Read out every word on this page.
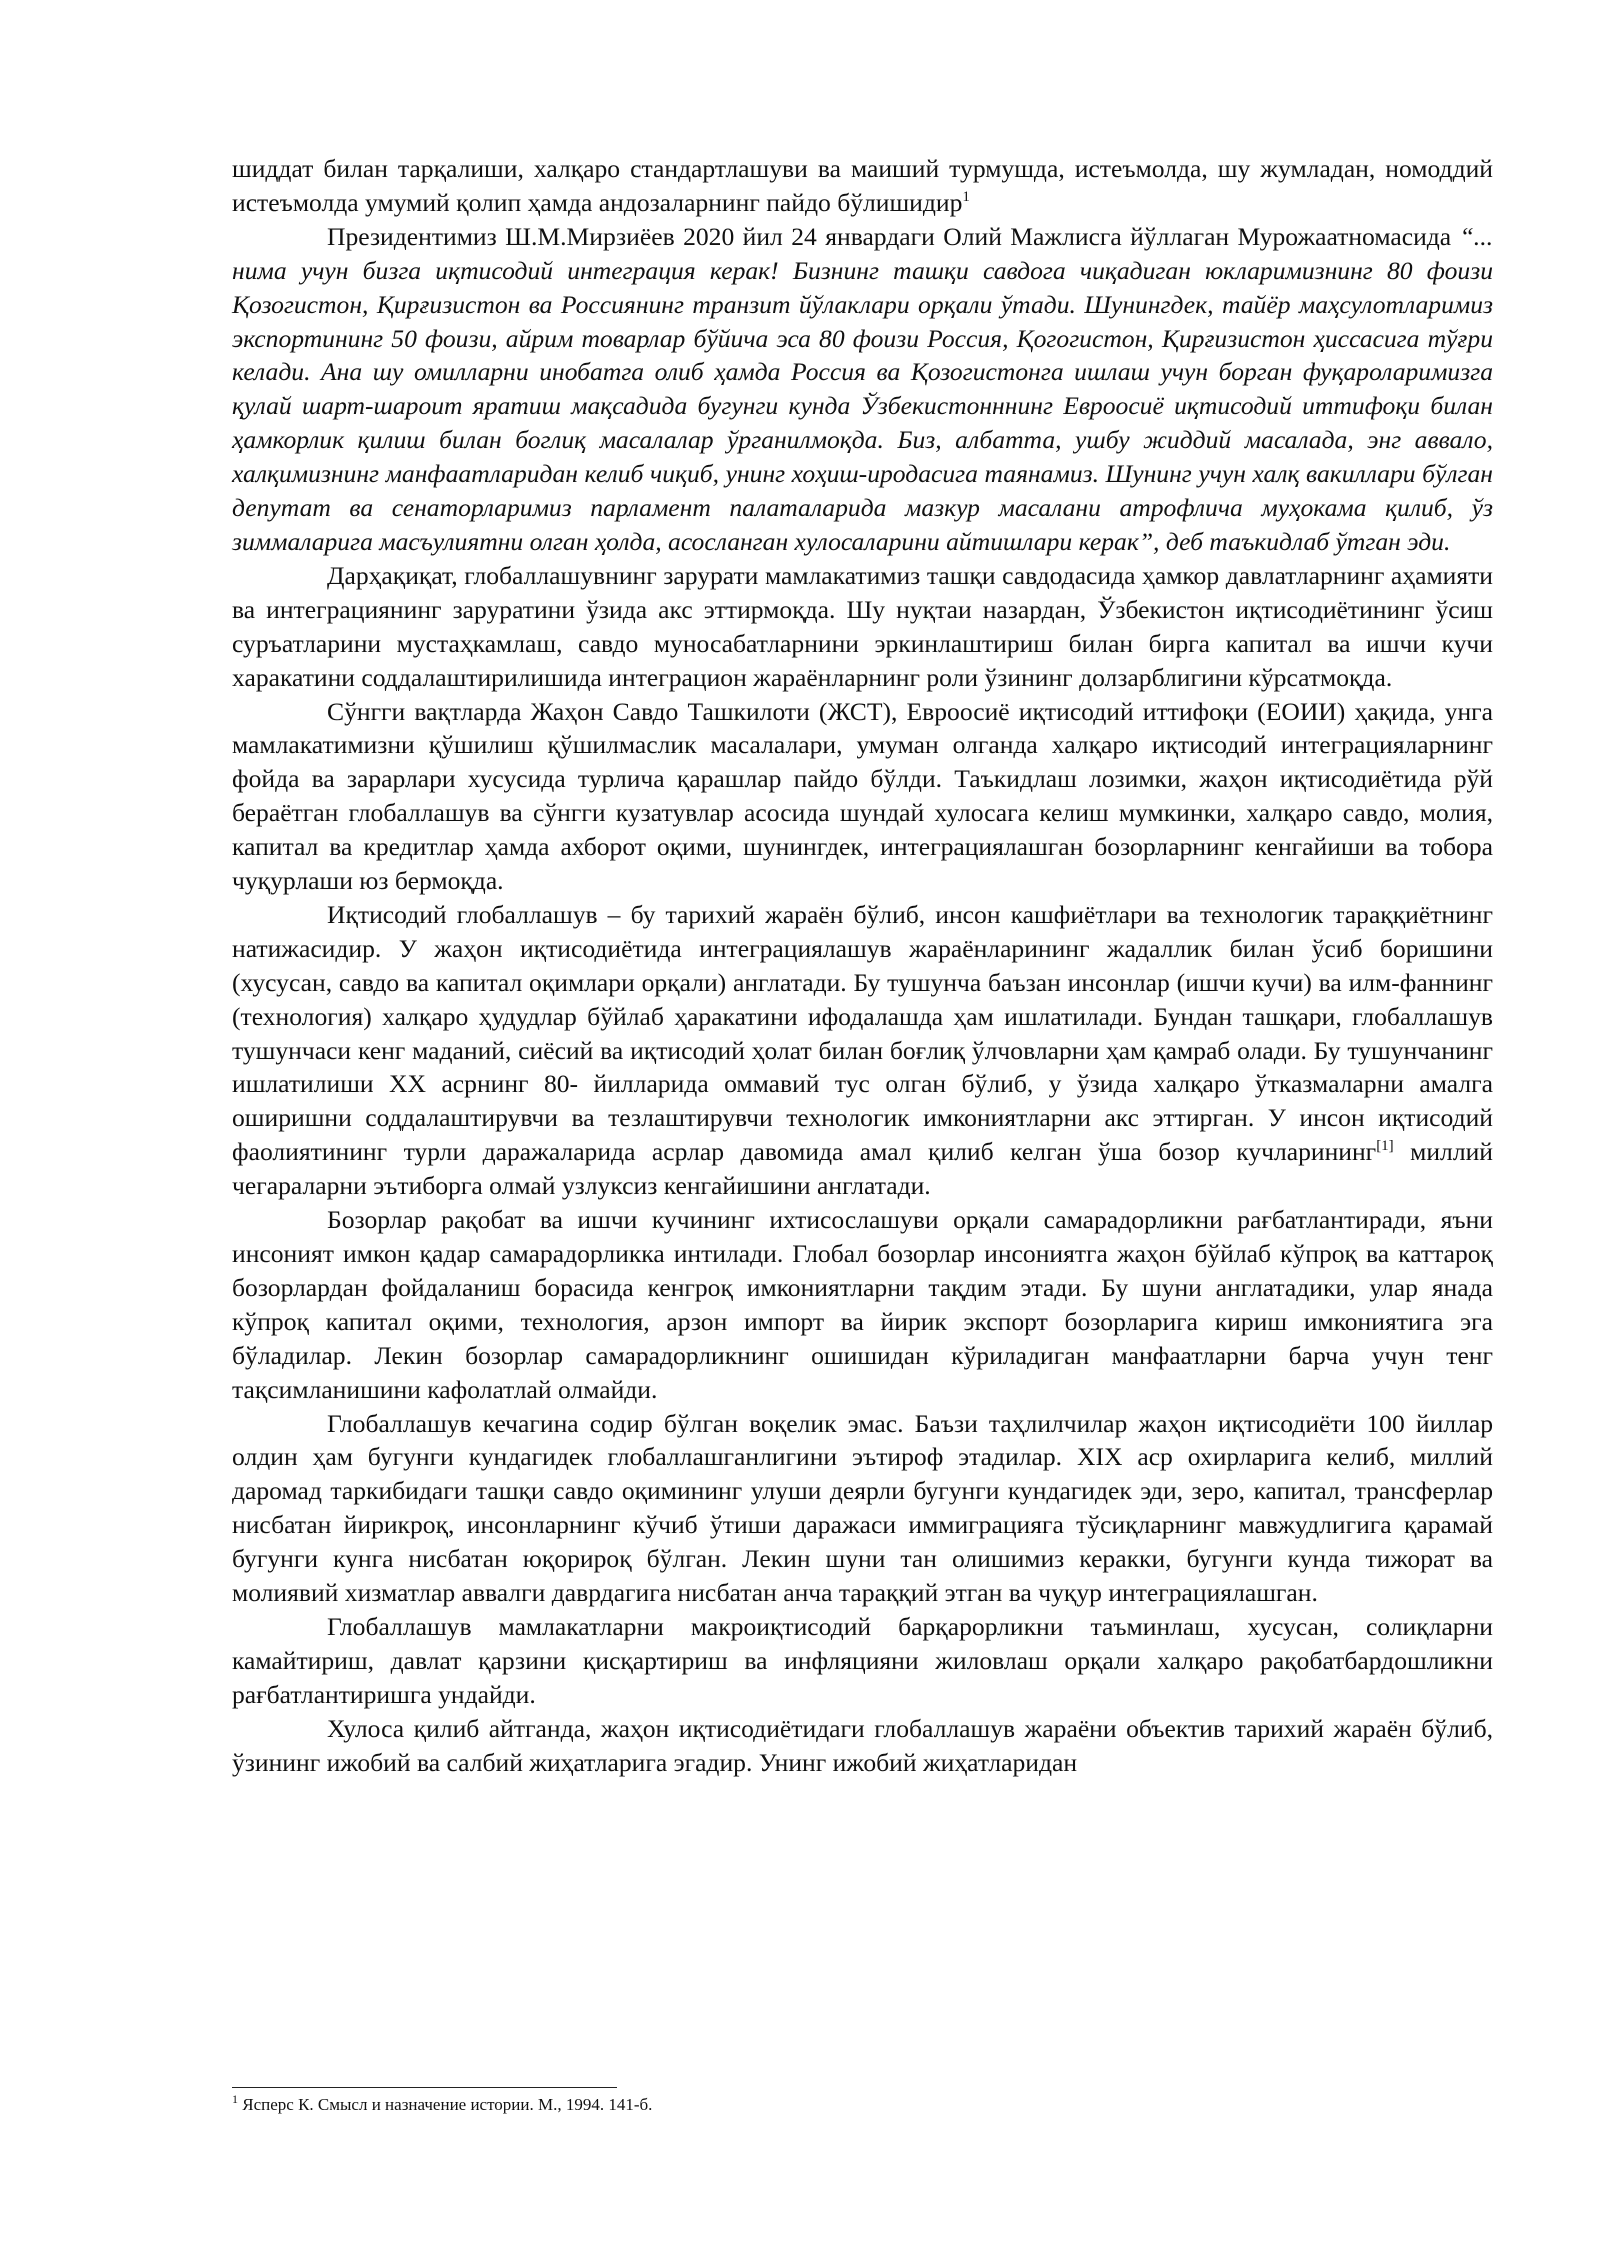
шиддат билан тарқалиши, халқаро стандартлашуви ва маиший турмушда, истеъмолда, шу жумладан, номоддий истеъмолда умумий қолип ҳамда андозаларнинг пайдо бўлишидир$^1$

Президентимиз Ш.М.Мирзиёев 2020 йил 24 январдаги Олий Мажлисга йўллаган Мурожаатномасида “... нима учун бизга иқтисодий интеграция керак! Бизнинг ташқи савдога чиқадиган юкларимизнинг 80 фоизи Қозогистон, Қирғизистон ва Россиянинг транзит йўлаклари орқали ўтади. Шунингдек, тайёр маҳсулотларимиз экспортининг 50 фоизи, айрим товарлар бўйича эса 80 фоизи Россия, Қогогистон, Қирғизистон ҳиссасига тўғри келади. Ана шу омилларни инобатга олиб ҳамда Россия ва Қозогистонга ишлаш учун борган фуқароларимизга қулай шарт-шароит яратиш мақсадида бугунги кунда Ўзбекистонннинг Евроосиё иқтисодий иттифоқи билан ҳамкорлик қилиш билан боглиқ масалалар ўрганилмоқда. Биз, албатта, ушбу жиддий масалада, энг аввало, халқимизнинг манфаатларидан келиб чиқиб, унинг хоҳиш-иродасига таянамиз. Шунинг учун халқ вакиллари бўлган депутат ва сенаторларимиз парламент палаталарида мазкур масалани атрофлича муҳокама қилиб, ўз зиммаларига масъулиятни олган ҳолда, асосланган хулосаларини айтишлари керак”, деб таъкидлаб ўтган эди.

Дарҳақиқат, глобаллашувнинг зарурати мамлакатимиз ташқи савдодасида ҳамкор давлатларнинг аҳамияти ва интеграциянинг заруратини ўзида акс эттирмоқда. Шу нуқтаи назардан, Ўзбекистон иқтисодиётининг ўсиш суръатларини мустаҳкамлаш, савдо муносабатларнини эркинлаштириш билан бирга капитал ва ишчи кучи харакатини соддалаштирилишида интеграцион жараёнларнинг роли ўзининг долзарблигини кўрсатмоқда.

Сўнгги вақтларда Жаҳон Савдо Ташкилоти (ЖСТ), Евроосиё иқтисодий иттифоқи (ЕОИИ) ҳақида, унга мамлакатимизни қўшилиш қўшилмаслик масалалари, умуман олганда халқаро иқтисодий интеграцияларнинг фойда ва зарарлари хусусида турлича қарашлар пайдо бўлди. Таъкидлаш лозимки, жаҳон иқтисодиётида рўй бераётган глобаллашув ва сўнгги кузатувлар асосида шундай хулосага келиш мумкинки, халқаро савдо, молия, капитал ва кредитлар ҳамда ахборот оқими, шунингдек, интеграциялашган бозорларнинг кенгайиши ва тобора чуқурлаши юз бермоқда.

Иқтисодий глобаллашув – бу тарихий жараён бўлиб, инсон кашфиётлари ва технологик тараққиётнинг натижасидир. У жаҳон иқтисодиётида интеграциялашув жараёнларининг жадаллик билан ўсиб боришини (хусусан, савдо ва капитал оқимлари орқали) англатади. Бу тушунча баъзан инсонлар (ишчи кучи) ва илм-фаннинг (технология) халқаро ҳудудлар бўйлаб ҳаракатини ифодалашда ҳам ишлатилади. Бундан ташқари, глобаллашув тушунчаси кенг маданий, сиёсий ва иқтисодий ҳолат билан боғлиқ ўлчовларни ҳам қамраб олади. Бу тушунчанинг ишлатилиши XX асрнинг 80- йилларида оммавий тус олган бўлиб, у ўзида халқаро ўтказмаларни амалга оширишни соддалаштирувчи ва тезлаштирувчи технологик имкониятларни акс эттирган. У инсон иқтисодий фаолиятининг турли даражаларида асрлар давомида амал қилиб келган ўша бозор кучларининг[1] миллий чегараларни эътиборга олмай узлуксиз кенгайишини англатади.

Бозорлар рақобат ва ишчи кучининг ихтисослашуви орқали самарадорликни рағбатлантиради, яъни инсоният имкон қадар самарадорликка интилади. Глобал бозорлар инсониятга жаҳон бўйлаб кўпроқ ва каттароқ бозорлардан фойдаланиш борасида кенгроқ имкониятларни тақдим этади. Бу шуни англатадики, улар янада кўпроқ капитал оқими, технология, арзон импорт ва йирик экспорт бозорларига кириш имкониятига эга бўладилар. Лекин бозорлар самарадорликнинг ошишидан кўриладиган манфаатларни барча учун тенг тақсимланишини кафолатлай олмайди.

Глобаллашув кечагина содир бўлган воқелик эмас. Баъзи таҳлилчилар жаҳон иқтисодиёти 100 йиллар олдин ҳам бугунги кундагидек глобаллашганлигини эътироф этадилар. XIX аср охирларига келиб, миллий даромад таркибидаги ташқи савдо оқимининг улуши деярли бугунги кундагидек эди, зеро, капитал, трансферлар нисбатан йирикроқ, инсонларнинг кўчиб ўтиши даражаси иммиграцияга тўсиқларнинг мавжудлигига қарамай бугунги кунга нисбатан юқорироқ бўлган. Лекин шуни тан олишимиз керакки, бугунги кунда тижорат ва молиявий хизматлар аввалги даврдагига нисбатан анча тараққий этган ва чуқур интеграциялашган.

Глобаллашув мамлакатларни макроиқтисодий барқарорликни таъминлаш, хусусан, солиқларни камайтириш, давлат қарзини қисқартириш ва инфляцияни жиловлаш орқали халқаро рақобатбардошликни рағбатлантиришга ундайди.

Хулоса қилиб айтганда, жаҳон иқтисодиётидаги глобаллашув жараёни объектив тарихий жараён бўлиб, ўзининг ижобий ва салбий жиҳатларига эгадир. Унинг ижобий жиҳатларидан

$^1$ Ясперс К. Смысл и назначение истории. М., 1994. 141-б.
